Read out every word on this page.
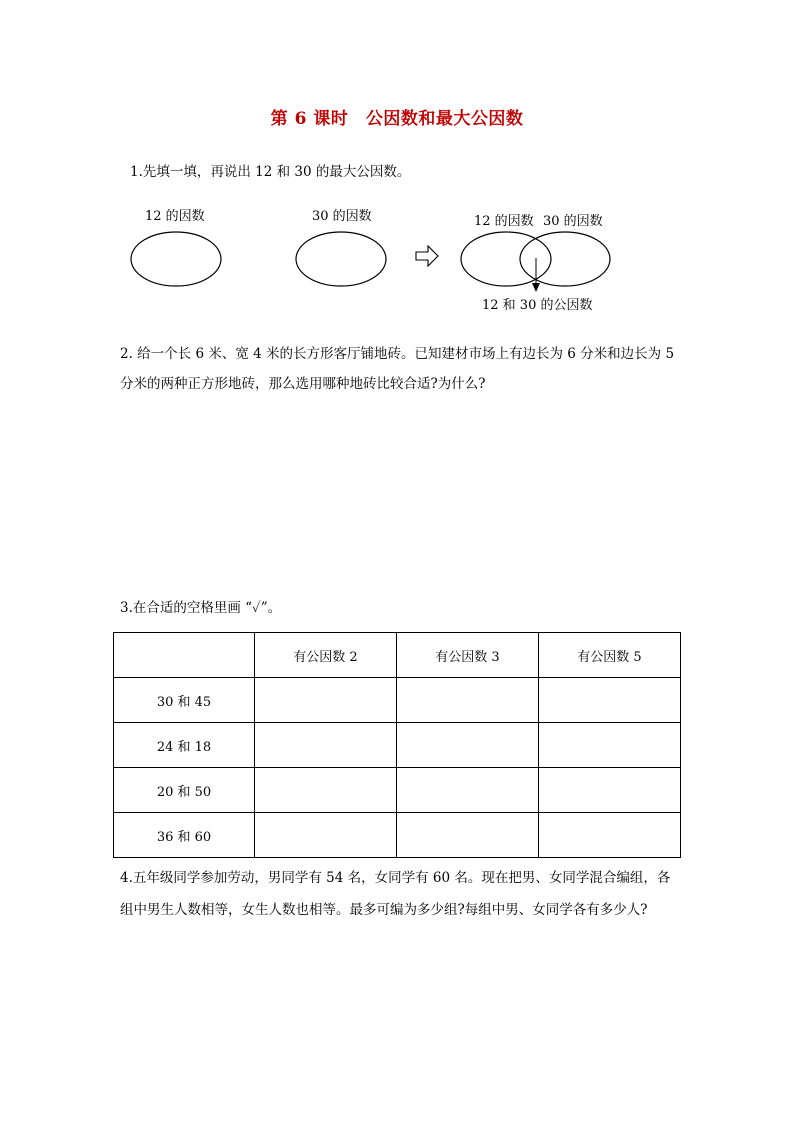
第 6 课时　公因数和最大公因数
1.先填一填，再说出 12 和 30 的最大公因数。
12 的因数	30 的因数	12 的因数 30 的因数
12 和 30 的公因数
2. 给一个长 6 米、宽 4 米的长方形客厅铺地砖。已知建材市场上有边长为 6 分米和边长为 5
分米的两种正方形地砖，那么选用哪种地砖比较合适?为什么?
3.在合适的空格里画 “✓”。
	有公因数 2	有公因数 3	有公因数 5
30 和 45			
24 和 18			
20 和 50			
36 和 60			
4.五年级同学参加劳动，男同学有 54 名，女同学有 60 名。现在把男、女同学混合编组，各
组中男生人数相等，女生人数也相等。最多可编为多少组?每组中男、女同学各有多少人?
